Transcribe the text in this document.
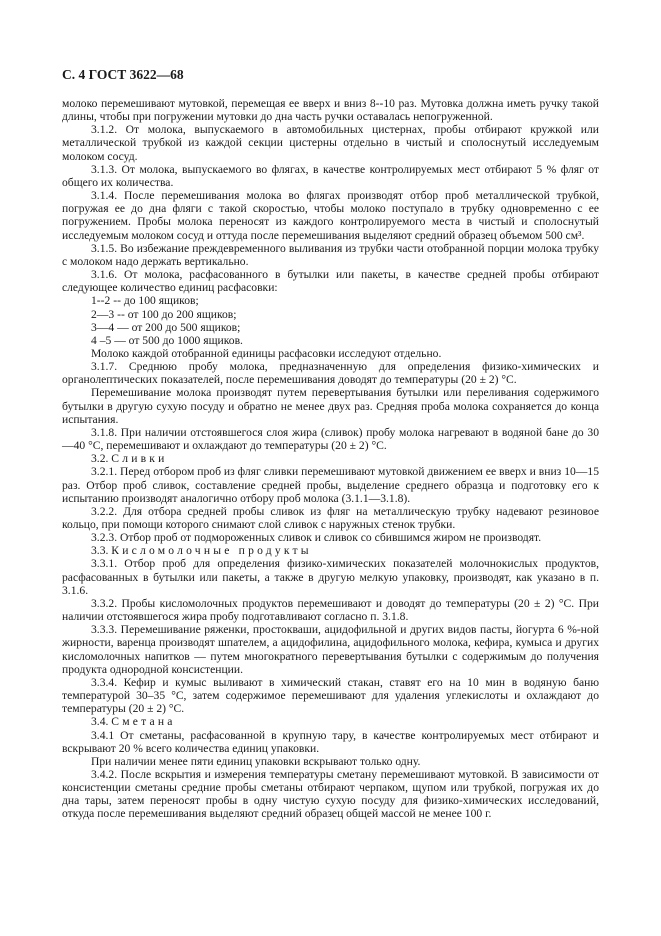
С. 4 ГОСТ 3622—68

молоко перемешивают мутовкой, перемещая ее вверх и вниз 8--10 раз. Мутовка должна иметь ручку такой длины, чтобы при погружении мутовки до дна часть ручки оставалась непогруженной.

3.1.2. От молока, выпускаемого в автомобильных цистернах, пробы отбирают кружкой или металлической трубкой из каждой секции цистерны отдельно в чистый и сполоснутый исследуемым молоком сосуд.

3.1.3. От молока, выпускаемого во флягах, в качестве контролируемых мест отбирают 5 % фляг от общего их количества.

3.1.4. После перемешивания молока во флягах производят отбор проб металлической трубкой, погружая ее до дна фляги с такой скоростью, чтобы молоко поступало в трубку одновременно с ее погружением. Пробы молока переносят из каждого контролируемого места в чистый и сполоснутый исследуемым молоком сосуд и оттуда после перемешивания выделяют средний образец объемом 500 см³.

3.1.5. Во избежание преждевременного выливания из трубки части отобранной порции молока трубку с молоком надо держать вертикально.

3.1.6. От молока, расфасованного в бутылки или пакеты, в качестве средней пробы отбирают следующее количество единиц расфасовки:

1--2 -- до 100 ящиков;

2—3 -- от 100 до 200 ящиков;

3—4 — от 200 до 500 ящиков;

4 –5 — от 500 до 1000 ящиков.

Молоко каждой отобранной единицы расфасовки исследуют отдельно.

3.1.7. Среднюю пробу молока, предназначенную для определения физико-химических и органолептических показателей, после перемешивания доводят до температуры (20 ± 2) °С.

Перемешивание молока производят путем перевертывания бутылки или переливания содержимого бутылки в другую сухую посуду и обратно не менее двух раз. Средняя проба молока сохраняется до конца испытания.

3.1.8. При наличии отстоявшегося слоя жира (сливок) пробу молока нагревают в водяной бане до 30—40 °С, перемешивают и охлаждают до температуры (20 ± 2) °С.

3.2. Сливки

3.2.1. Перед отбором проб из фляг сливки перемешивают мутовкой движением ее вверх и вниз 10—15 раз. Отбор проб сливок, составление средней пробы, выделение среднего образца и подготовку его к испытанию производят аналогично отбору проб молока (3.1.1—3.1.8).

3.2.2. Для отбора средней пробы сливок из фляг на металлическую трубку надевают резиновое кольцо, при помощи которого снимают слой сливок с наружных стенок трубки.

3.2.3. Отбор проб от подмороженных сливок и сливок со сбившимся жиром не производят.

3.3. Кисломолочные продукты

3.3.1. Отбор проб для определения физико-химических показателей молочнокислых продуктов, расфасованных в бутылки или пакеты, а также в другую мелкую упаковку, производят, как указано в п. 3.1.6.

3.3.2. Пробы кисломолочных продуктов перемешивают и доводят до температуры (20 ± 2) °С. При наличии отстоявшегося жира пробу подготавливают согласно п. 3.1.8.

3.3.3. Перемешивание ряженки, простокваши, ацидофильной и других видов пасты, йогурта 6 %-ной жирности, варенца производят шпателем, а ацидофилина, ацидофильного молока, кефира, кумыса и других кисломолочных напитков — путем многократного перевертывания бутылки с содержимым до получения продукта однородной консистенции.

3.3.4. Кефир и кумыс выливают в химический стакан, ставят его на 10 мин в водяную баню температурой 30–35 °С, затем содержимое перемешивают для удаления углекислоты и охлаждают до температуры (20 ± 2) °С.

3.4. Сметана

3.4.1 От сметаны, расфасованной в крупную тару, в качестве контролируемых мест отбирают и вскрывают 20 % всего количества единиц упаковки.

При наличии менее пяти единиц упаковки вскрывают только одну.

3.4.2. После вскрытия и измерения температуры сметану перемешивают мутовкой. В зависимости от консистенции сметаны средние пробы сметаны отбирают черпаком, щупом или трубкой, погружая их до дна тары, затем переносят пробы в одну чистую сухую посуду для физико-химических исследований, откуда после перемешивания выделяют средний образец общей массой не менее 100 г.
